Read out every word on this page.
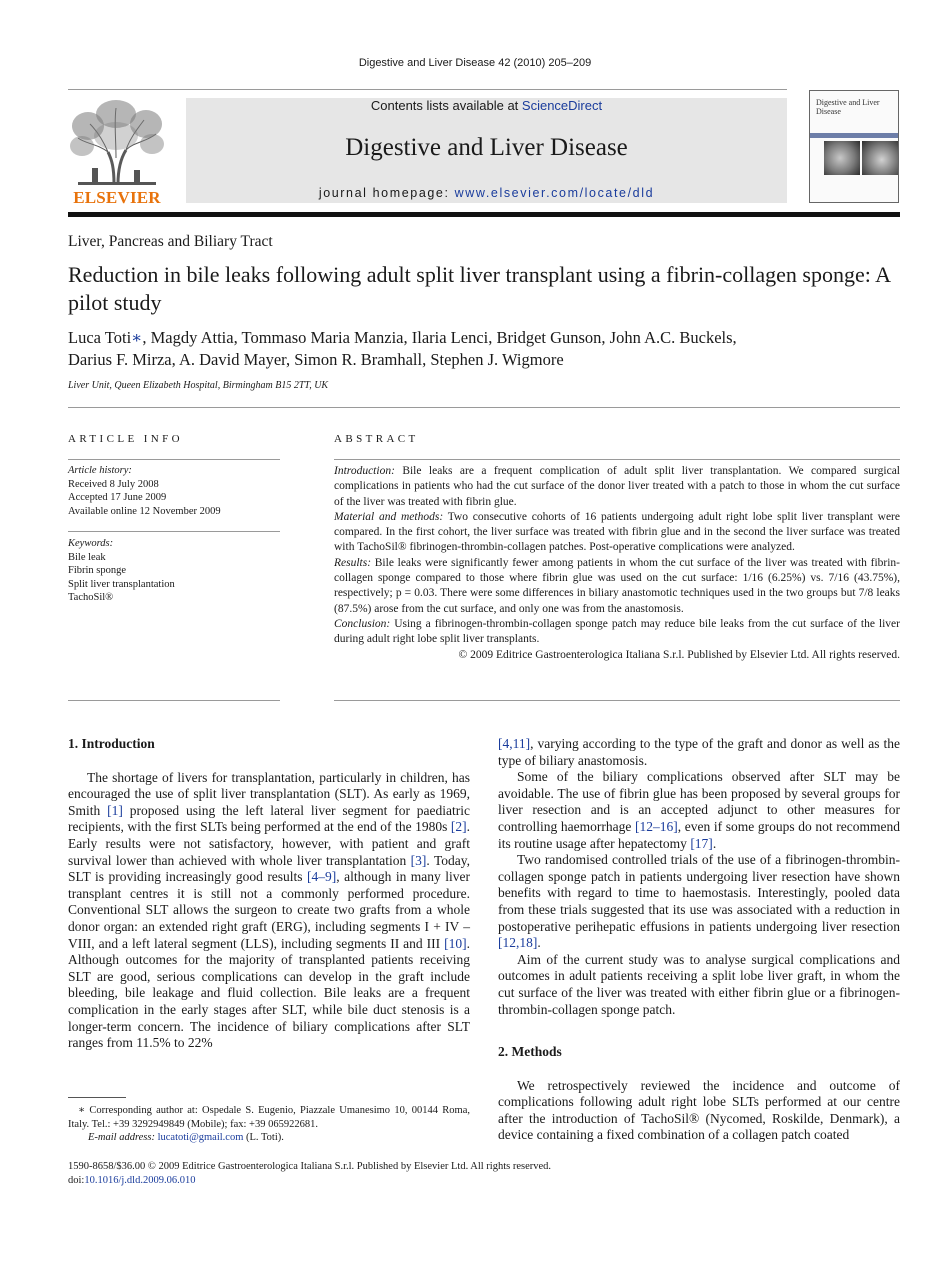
Digestive and Liver Disease 42 (2010) 205–209
Contents lists available at ScienceDirect
Digestive and Liver Disease
journal homepage: www.elsevier.com/locate/dld
ELSEVIER
Digestive and Liver Disease
Liver, Pancreas and Biliary Tract
Reduction in bile leaks following adult split liver transplant using a fibrin-collagen sponge: A pilot study
Luca Toti∗, Magdy Attia, Tommaso Maria Manzia, Ilaria Lenci, Bridget Gunson, John A.C. Buckels,
Darius F. Mirza, A. David Mayer, Simon R. Bramhall, Stephen J. Wigmore
Liver Unit, Queen Elizabeth Hospital, Birmingham B15 2TT, UK
ARTICLE INFO
Article history:
Received 8 July 2008
Accepted 17 June 2009
Available online 12 November 2009
Keywords:
Bile leak
Fibrin sponge
Split liver transplantation
TachoSil®
ABSTRACT

Introduction: Bile leaks are a frequent complication of adult split liver transplantation. We compared surgical complications in patients who had the cut surface of the donor liver treated with a patch to those in whom the cut surface of the liver was treated with fibrin glue.

Material and methods: Two consecutive cohorts of 16 patients undergoing adult right lobe split liver transplant were compared. In the first cohort, the liver surface was treated with fibrin glue and in the second the liver surface was treated with TachoSil® fibrinogen-thrombin-collagen patches. Post-operative complications were analyzed.

Results: Bile leaks were significantly fewer among patients in whom the cut surface of the liver was treated with fibrin-collagen sponge compared to those where fibrin glue was used on the cut surface: 1/16 (6.25%) vs. 7/16 (43.75%), respectively; p = 0.03. There were some differences in biliary anastomotic techniques used in the two groups but 7/8 leaks (87.5%) arose from the cut surface, and only one was from the anastomosis.

Conclusion: Using a fibrinogen-thrombin-collagen sponge patch may reduce bile leaks from the cut surface of the liver during adult right lobe split liver transplants.

© 2009 Editrice Gastroenterologica Italiana S.r.l. Published by Elsevier Ltd. All rights reserved.

1. Introduction

The shortage of livers for transplantation, particularly in children, has encouraged the use of split liver transplantation (SLT). As early as 1969, Smith [1] proposed using the left lateral liver segment for paediatric recipients, with the first SLTs being performed at the end of the 1980s [2]. Early results were not satisfactory, however, with patient and graft survival lower than achieved with whole liver transplantation [3]. Today, SLT is providing increasingly good results [4–9], although in many liver transplant centres it is still not a commonly performed procedure. Conventional SLT allows the surgeon to create two grafts from a whole donor organ: an extended right graft (ERG), including segments I + IV – VIII, and a left lateral segment (LLS), including segments II and III [10]. Although outcomes for the majority of transplanted patients receiving SLT are good, serious complications can develop in the graft include bleeding, bile leakage and fluid collection. Bile leaks are a frequent complication in the early stages after SLT, while bile duct stenosis is a longer-term concern. The incidence of biliary complications after SLT ranges from 11.5% to 22%

[4,11], varying according to the type of the graft and donor as well as the type of biliary anastomosis.

Some of the biliary complications observed after SLT may be avoidable. The use of fibrin glue has been proposed by several groups for liver resection and is an accepted adjunct to other measures for controlling haemorrhage [12–16], even if some groups do not recommend its routine usage after hepatectomy [17].

Two randomised controlled trials of the use of a fibrinogen-thrombin-collagen sponge patch in patients undergoing liver resection have shown benefits with regard to time to haemostasis. Interestingly, pooled data from these trials suggested that its use was associated with a reduction in postoperative perihepatic effusions in patients undergoing liver resection [12,18].

Aim of the current study was to analyse surgical complications and outcomes in adult patients receiving a split lobe liver graft, in whom the cut surface of the liver was treated with either fibrin glue or a fibrinogen-thrombin-collagen sponge patch.

2. Methods

We retrospectively reviewed the incidence and outcome of complications following adult right lobe SLTs performed at our centre after the introduction of TachoSil® (Nycomed, Roskilde, Denmark), a device containing a fixed combination of a collagen patch coated

∗ Corresponding author at: Ospedale S. Eugenio, Piazzale Umanesimo 10, 00144 Roma, Italy. Tel.: +39 3292949849 (Mobile); fax: +39 065922681.
E-mail address: lucatoti@gmail.com (L. Toti).
1590-8658/$36.00 © 2009 Editrice Gastroenterologica Italiana S.r.l. Published by Elsevier Ltd. All rights reserved.
doi:10.1016/j.dld.2009.06.010
